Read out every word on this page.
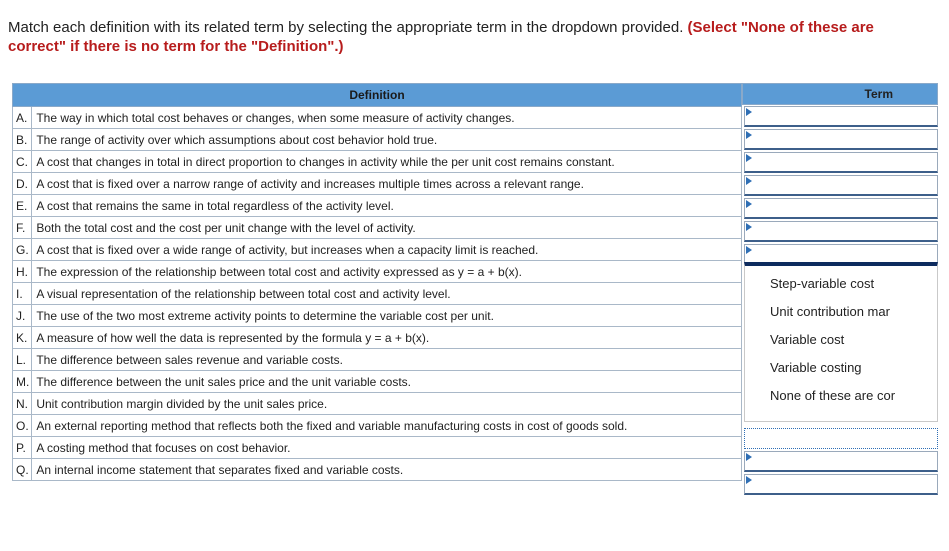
Match each definition with its related term by selecting the appropriate term in the dropdown provided. (Select "None of these are correct" if there is no term for the "Definition".)
Definition	
A.	The way in which total cost behaves or changes, when some measure of activity changes.
B.	The range of activity over which assumptions about cost behavior hold true.
C.	A cost that changes in total in direct proportion to changes in activity while the per unit cost remains constant.
D.	A cost that is fixed over a narrow range of activity and increases multiple times across a relevant range.
E.	A cost that remains the same in total regardless of the activity level.
F.	Both the total cost and the cost per unit change with the level of activity.
G.	A cost that is fixed over a wide range of activity, but increases when a capacity limit is reached.
H.	The expression of the relationship between total cost and activity expressed as y = a + b(x).
I.	A visual representation of the relationship between total cost and activity level.
J.	The use of the two most extreme activity points to determine the variable cost per unit.
K.	A measure of how well the data is represented by the formula y = a + b(x).
L.	The difference between sales revenue and variable costs.
M.	The difference between the unit sales price and the unit variable costs.
N.	Unit contribution margin divided by the unit sales price.
O.	An external reporting method that reflects both the fixed and variable manufacturing costs in cost of goods sold.
P.	A costing method that focuses on cost behavior.
Q.	An internal income statement that separates fixed and variable costs.
Term
Step-variable cost
Unit contribution mar
Variable cost
Variable costing
None of these are cor
